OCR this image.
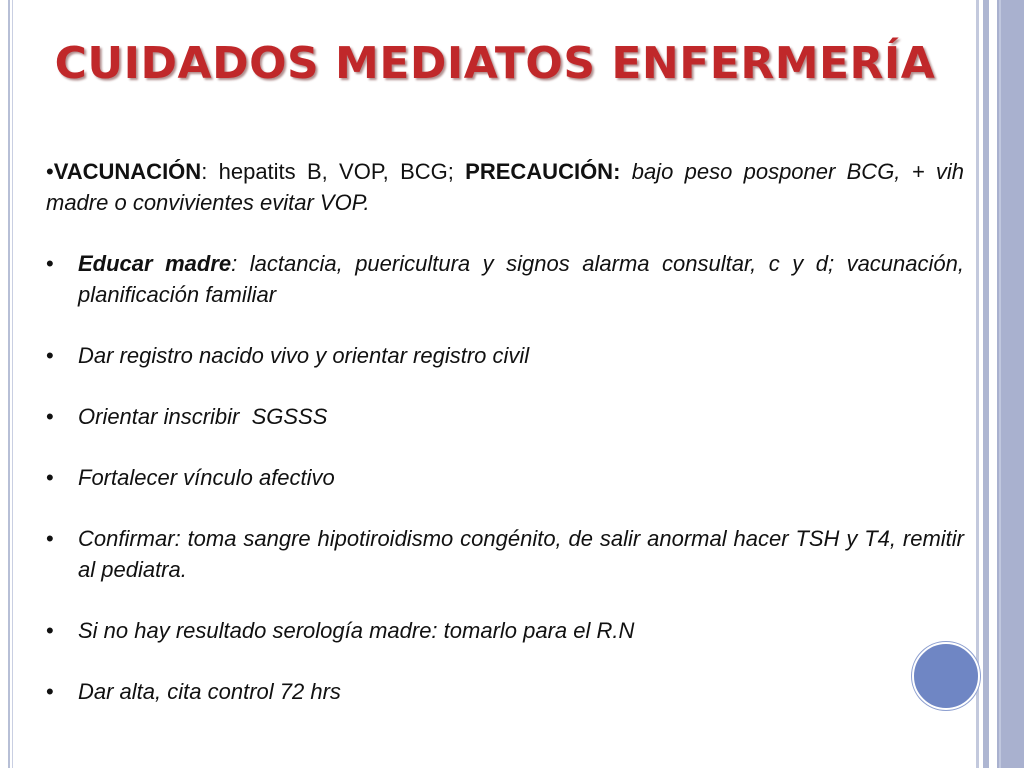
CUIDADOS MEDIATOS ENFERMERÍA

•VACUNACIÓN: hepatits B, VOP, BCG; PRECAUCIÓN: bajo peso posponer BCG, + vih madre o convivientes evitar VOP.

• Educar madre: lactancia, puericultura y signos alarma consultar, c y d; vacunación, planificación familiar
• Dar registro nacido vivo y orientar registro civil
• Orientar inscribir  SGSSS
• Fortalecer vínculo afectivo
• Confirmar: toma sangre hipotiroidismo congénito, de salir anormal hacer TSH y T4, remitir al pediatra.
• Si no hay resultado serología madre: tomarlo para el R.N
• Dar alta, cita control 72 hrs
